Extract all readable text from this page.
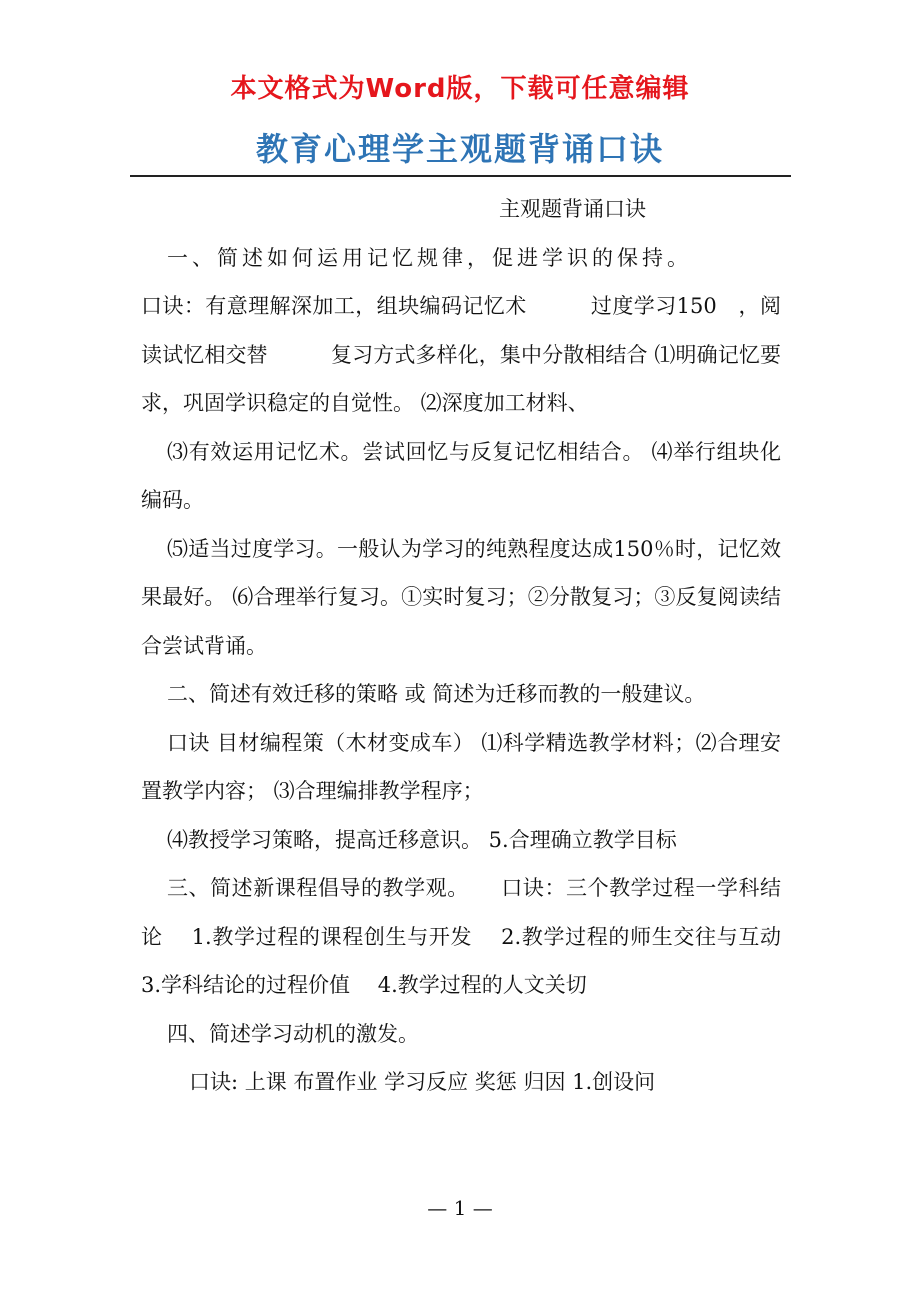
本文格式为Word版，下载可任意编辑
教育心理学主观题背诵口诀

主观题背诵口诀

一、简述如何运用记忆规律，促进学识的保持。

口诀：有意理解深加工，组块编码记忆术　　　过度学习150　，阅读试忆相交替　　　复习方式多样化，集中分散相结合 ⑴明确记忆要求，巩固学识稳定的自觉性。 ⑵深度加工材料、

⑶有效运用记忆术。尝试回忆与反复记忆相结合。 ⑷举行组块化编码。

⑸适当过度学习。一般认为学习的纯熟程度达成150％时，记忆效果最好。 ⑹合理举行复习。①实时复习；②分散复习；③反复阅读结合尝试背诵。

二、简述有效迁移的策略 或 简述为迁移而教的一般建议。

口诀 目材编程策（木材变成车） ⑴科学精选教学材料；⑵合理安置教学内容； ⑶合理编排教学程序；

⑷教授学习策略，提高迁移意识。 5.合理确立教学目标

三、简述新课程倡导的教学观。　　口诀：三个教学过程一学科结论　 1.教学过程的课程创生与开发　 2.教学过程的师生交往与互动　 3.学科结论的过程价值　 4.教学过程的人文关切

四、简述学习动机的激发。

口诀: 上课 布置作业 学习反应 奖惩 归因 1.创设问

— 1 —
